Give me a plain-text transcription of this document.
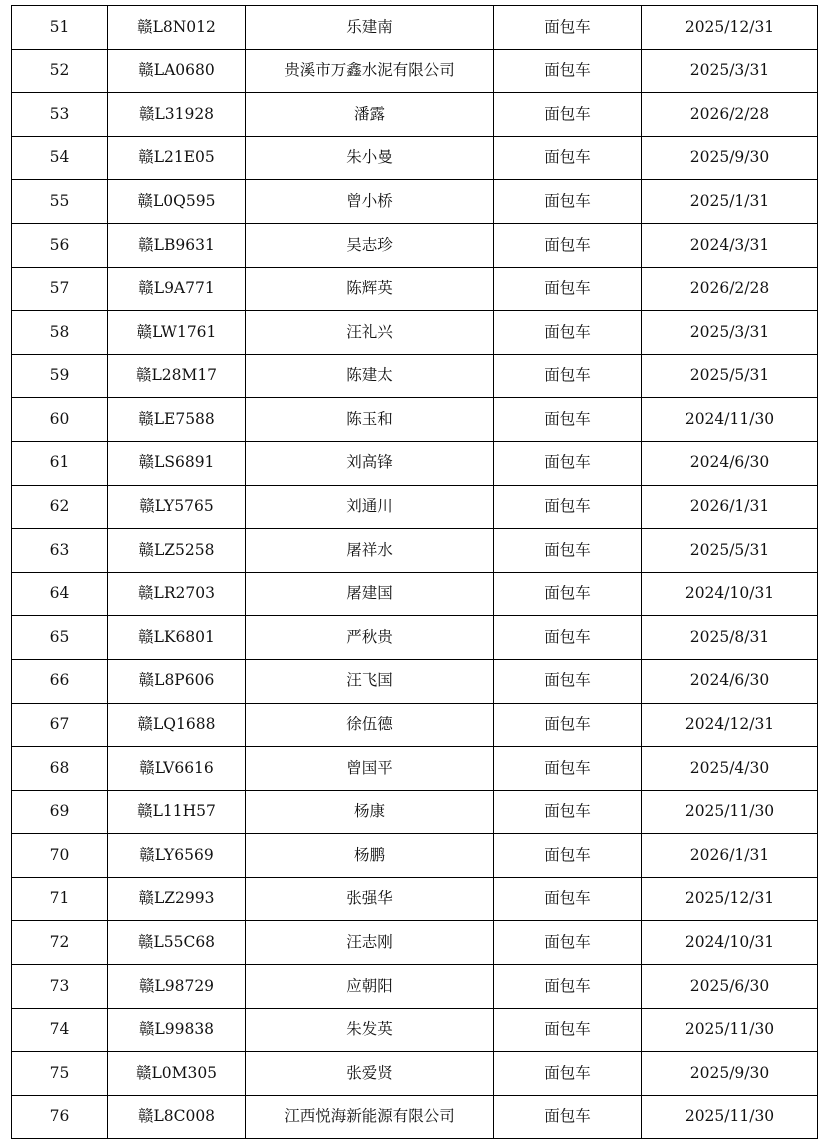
51	赣L8N012	乐建南	面包车	2025/12/31
52	赣LA0680	贵溪市万鑫水泥有限公司	面包车	2025/3/31
53	赣L31928	潘露	面包车	2026/2/28
54	赣L21E05	朱小曼	面包车	2025/9/30
55	赣L0Q595	曾小桥	面包车	2025/1/31
56	赣LB9631	吴志珍	面包车	2024/3/31
57	赣L9A771	陈辉英	面包车	2026/2/28
58	赣LW1761	汪礼兴	面包车	2025/3/31
59	赣L28M17	陈建太	面包车	2025/5/31
60	赣LE7588	陈玉和	面包车	2024/11/30
61	赣LS6891	刘高锋	面包车	2024/6/30
62	赣LY5765	刘通川	面包车	2026/1/31
63	赣LZ5258	屠祥水	面包车	2025/5/31
64	赣LR2703	屠建国	面包车	2024/10/31
65	赣LK6801	严秋贵	面包车	2025/8/31
66	赣L8P606	汪飞国	面包车	2024/6/30
67	赣LQ1688	徐伍德	面包车	2024/12/31
68	赣LV6616	曾国平	面包车	2025/4/30
69	赣L11H57	杨康	面包车	2025/11/30
70	赣LY6569	杨鹏	面包车	2026/1/31
71	赣LZ2993	张强华	面包车	2025/12/31
72	赣L55C68	汪志刚	面包车	2024/10/31
73	赣L98729	应朝阳	面包车	2025/6/30
74	赣L99838	朱发英	面包车	2025/11/30
75	赣L0M305	张爱贤	面包车	2025/9/30
76	赣L8C008	江西悦海新能源有限公司	面包车	2025/11/30
